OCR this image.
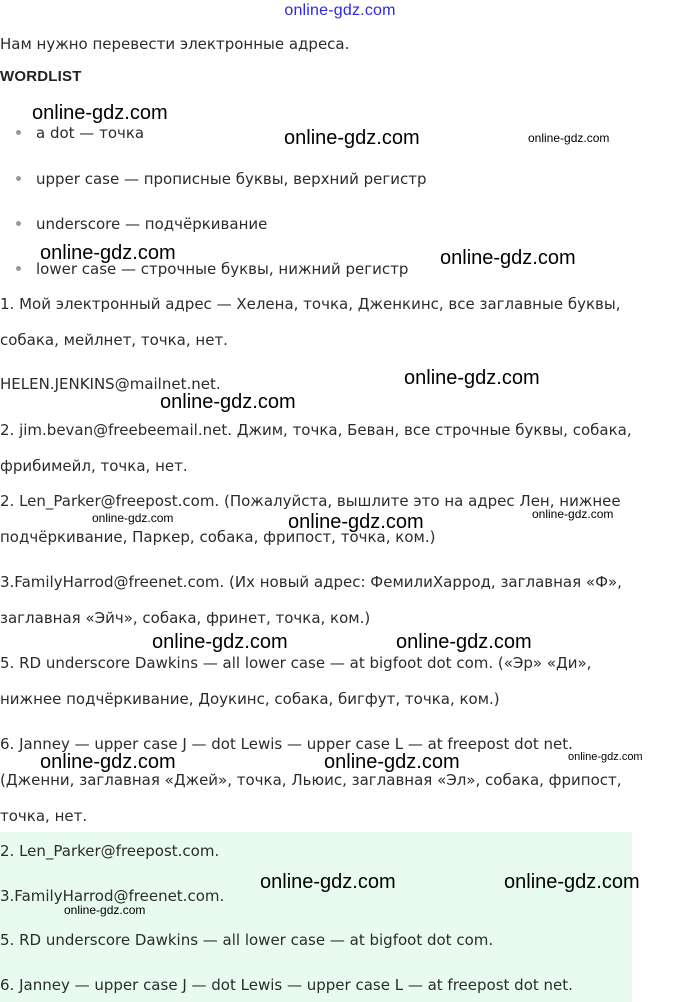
online-gdz.com
Нам нужно перевести электронные адреса.
WORDLIST
a dot — точка
upper case — прописные буквы, верхний регистр
underscore — подчёркивание
lower case — строчные буквы, нижний регистр
1. Мой электронный адрес — Хелена, точка, Дженкинс, все заглавные буквы,
собака, мейлнет, точка, нет.
HELEN.JENKINS@mailnet.net.
2. jim.bevan@freebeemail.net. Джим, точка, Беван, все строчные буквы, собака,
фрибимейл, точка, нет.
2. Len_Parker@freepost.com. (Пожалуйста, вышлите это на адрес Лен, нижнее
подчёркивание, Паркер, собака, фрипост, точка, ком.)
3.FamilyHarrod@freenet.com. (Их новый адрес: ФемилиХаррод, заглавная «Ф»,
заглавная «Эйч», собака, фринет, точка, ком.)
5. RD underscore Dawkins — all lower case — at bigfoot dot com. («Эр» «Ди»,
нижнее подчёркивание, Доукинс, собака, бигфут, точка, ком.)
6. Janney — upper case J — dot Lewis — upper case L — at freepost dot net.
(Дженни, заглавная «Джей», точка, Льюис, заглавная «Эл», собака, фрипост,
точка, нет.
2. Len_Parker@freepost.com.
3.FamilyHarrod@freenet.com.
5. RD underscore Dawkins — all lower case — at bigfoot dot com.
6. Janney — upper case J — dot Lewis — upper case L — at freepost dot net.
online-gdz.com
online-gdz.com	online-gdz.com
online-gdz.com	online-gdz.com
online-gdz.com
online-gdz.com
online-gdz.com	online-gdz.com	online-gdz.com
online-gdz.com	online-gdz.com
online-gdz.com	online-gdz.com	online-gdz.com
online-gdz.com	online-gdz.com
online-gdz.com
